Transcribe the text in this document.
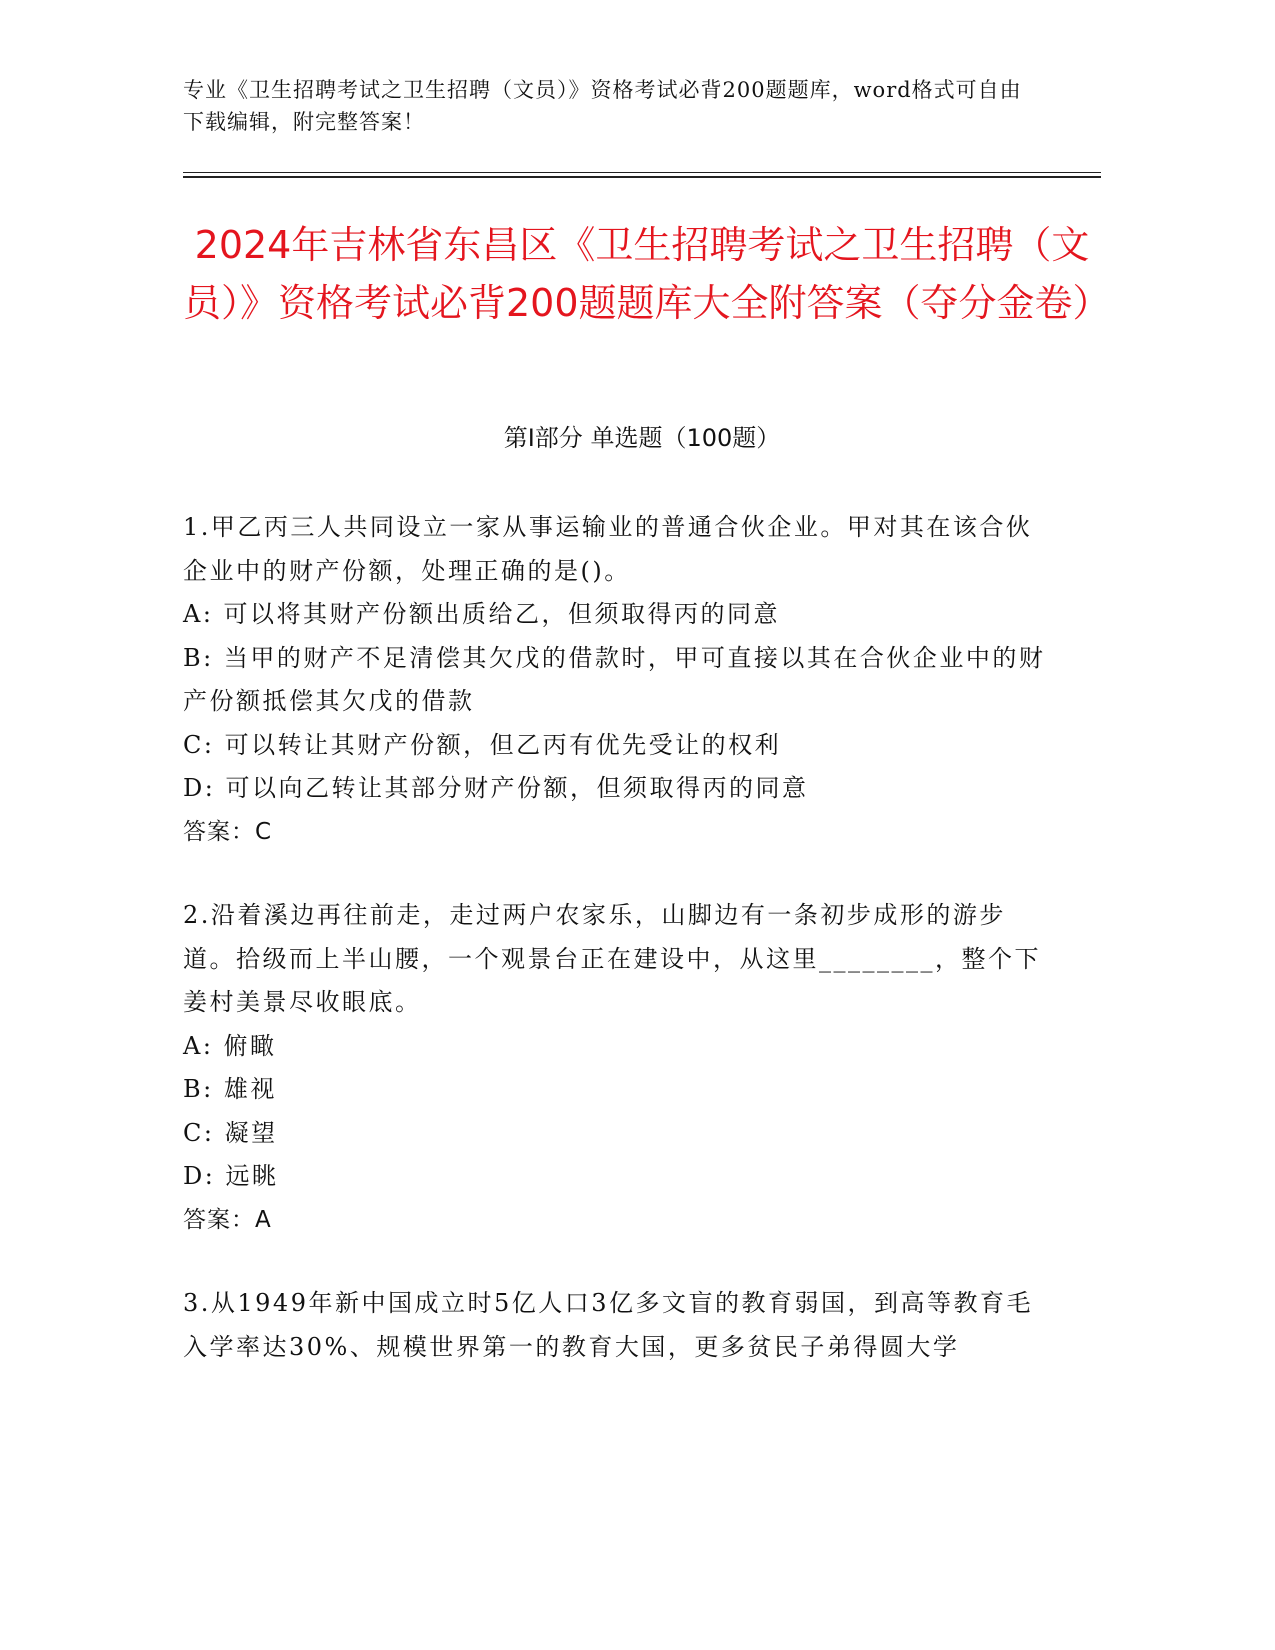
专业《卫生招聘考试之卫生招聘（文员）》资格考试必背200题题库，word格式可自由下载编辑，附完整答案！
2024年吉林省东昌区《卫生招聘考试之卫生招聘（文员）》资格考试必背200题题库大全附答案（夺分金卷）
第I部分 单选题（100题）

1.甲乙丙三人共同设立一家从事运输业的普通合伙企业。甲对其在该合伙企业中的财产份额，处理正确的是()。

A: 可以将其财产份额出质给乙，但须取得丙的同意

B: 当甲的财产不足清偿其欠戊的借款时，甲可直接以其在合伙企业中的财产份额抵偿其欠戊的借款

C: 可以转让其财产份额，但乙丙有优先受让的权利

D: 可以向乙转让其部分财产份额，但须取得丙的同意

答案：C

2.沿着溪边再往前走，走过两户农家乐，山脚边有一条初步成形的游步道。拾级而上半山腰，一个观景台正在建设中，从这里________，整个下姜村美景尽收眼底。

A: 俯瞰

B: 雄视

C: 凝望

D: 远眺

答案：A

3.从1949年新中国成立时5亿人口3亿多文盲的教育弱国，到高等教育毛入学率达30%、规模世界第一的教育大国，更多贫民子弟得圆大学
